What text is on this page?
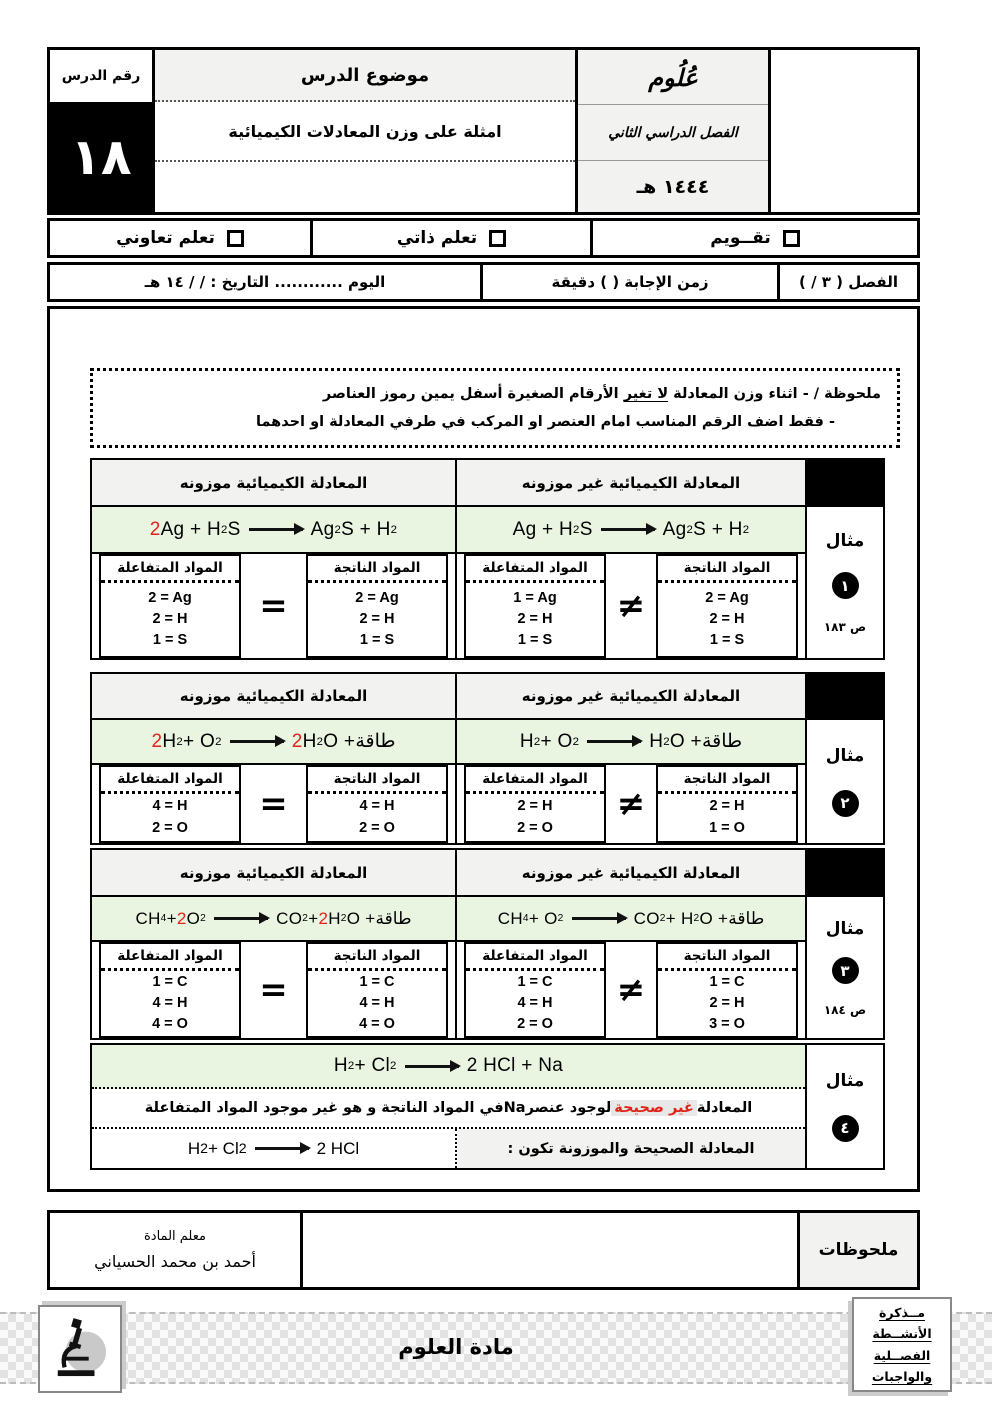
رقم الدرس
١٨
موضوع الدرس
امثلة على وزن المعادلات الكيميائية
عُلُوم
الفصل الدراسي الثاني
١٤٤٤ هـ
تعلم تعاوني	تعلم ذاتي	تقــويم
اليوم ............ التاريخ : / / ١٤ هـ	زمن الإجابة ( ) دقيقة	الفصل ( ٣ / )
ملحوظة / - اثناء وزن المعادلة لا تغير الأرقام الصغيرة أسفل يمين رموز العناصر
- فقط اضف الرقم المناسب امام العنصر او المركب في طرفي المعادلة او احدهما
المعادلة الكيميائية موزونه	المعادلة الكيميائية غير موزونه
2 Ag + H 2 S → Ag 2 S + H 2	Ag + H 2 S → Ag 2 S + H 2
المواد المتفاعلة
2 = Ag
2 = H
1 = S
=
المواد الناتجة
2 = Ag
2 = H
1 = S
المواد المتفاعلة
1 = Ag
2 = H
1 = S
≠
المواد الناتجة
2 = Ag
2 = H
1 = S
مثال
١
ص ١٨٣
المعادلة الكيميائية موزونه	المعادلة الكيميائية غير موزونه
2 H 2 + O 2 → 2 H 2 O + طاقة	H 2 + O 2 → H 2 O + طاقة
المواد المتفاعلة
4 = H
2 = O
=
المواد الناتجة
4 = H
2 = O
المواد المتفاعلة
2 = H
2 = O
≠
المواد الناتجة
2 = H
1 = O
مثال
٢
المعادلة الكيميائية موزونه	المعادلة الكيميائية غير موزونه
CH 4 + 2 O 2 → CO 2 + 2 H 2 O + طاقة	CH 4 + O 2 → CO 2 + H 2 O + طاقة
المواد المتفاعلة
1 = C
4 = H
4 = O
=
المواد الناتجة
1 = C
4 = H
4 = O
المواد المتفاعلة
1 = C
4 = H
2 = O
≠
المواد الناتجة
1 = C
2 = H
3 = O
مثال
٣
ص ١٨٤
H 2 + Cl 2 → 2 HCl + Na
المعادلة
غير صحيحة
لوجود عنصر
Na
في المواد الناتجة و هو غير موجود المواد المتفاعلة
H 2 + Cl 2 → 2 HCl	المعادلة الصحيحة والموزونة تكون :
مثال
٤
معلم المادة
أحمد بن محمد الحسياني
ملحوظات
مادة العلوم
مــذكرة
الأنشــطة
الفصــلية
والواجبات
